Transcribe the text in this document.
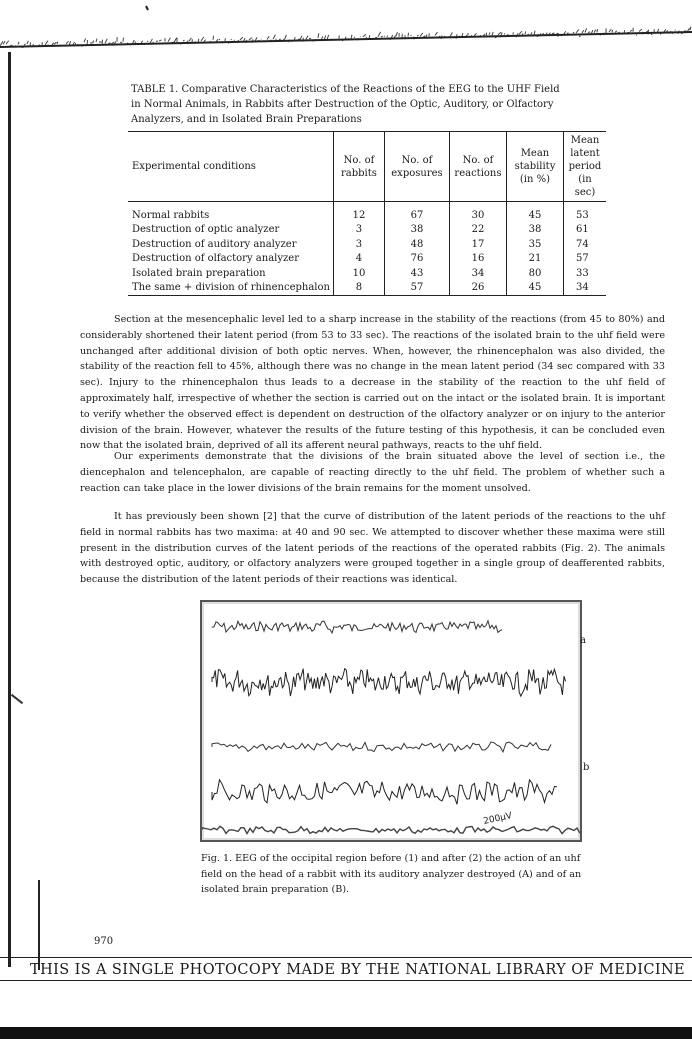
TABLE 1. Comparative Characteristics of the Reactions of the EEG to the UHF Field in Normal Animals, in Rabbits after Destruction of the Optic, Auditory, or Olfactory Analyzers, and in Isolated Brain Preparations
Experimental conditions	No. of rabbits	No. of exposures	No. of reactions	Mean stability (in %)	Mean latent period (in sec)
Normal rabbits	12	67	30	45	53
Destruction of optic analyzer	3	38	22	38	61
Destruction of auditory analyzer	3	48	17	35	74
Destruction of olfactory analyzer	4	76	16	21	57
Isolated brain preparation	10	43	34	80	33
The same + division of rhinencephalon	8	57	26	45	34
Section at the mesencephalic level led to a sharp increase in the stability of the reactions (from 45 to 80%) and considerably shortened their latent period (from 53 to 33 sec). The reactions of the isolated brain to the uhf field were unchanged after additional division of both optic nerves. When, however, the rhinencephalon was also divided, the stability of the reaction fell to 45%, although there was no change in the mean latent period (34 sec compared with 33 sec). Injury to the rhinencephalon thus leads to a decrease in the stability of the reaction to the uhf field of approximately half, irrespective of whether the section is carried out on the intact or the isolated brain. It is important to verify whether the observed effect is dependent on destruction of the olfactory analyzer or on injury to the anterior division of the brain. However, whatever the results of the future testing of this hypothesis, it can be concluded even now that the isolated brain, deprived of all its afferent neural pathways, reacts to the uhf field.
Our experiments demonstrate that the divisions of the brain situated above the level of section i.e., the diencephalon and telencephalon, are capable of reacting directly to the uhf field. The problem of whether such a reaction can take place in the lower divisions of the brain remains for the moment unsolved.
It has previously been shown [2] that the curve of distribution of the latent periods of the reactions to the uhf field in normal rabbits has two maxima: at 40 and 90 sec. We attempted to discover whether these maxima were still present in the distribution curves of the latent periods of the reactions of the operated rabbits (Fig. 2). The animals with destroyed optic, auditory, or olfactory analyzers were grouped together in a single group of deafferented rabbits, because the distribution of the latent periods of their reactions was identical.
200μV
a
b
Fig. 1. EEG of the occipital region before (1) and after (2) the action of an uhf field on the head of a rabbit with its auditory analyzer destroyed (A) and of an isolated brain preparation (B).
970
THIS IS A SINGLE PHOTOCOPY MADE BY THE NATIONAL LIBRARY OF MEDICINE
